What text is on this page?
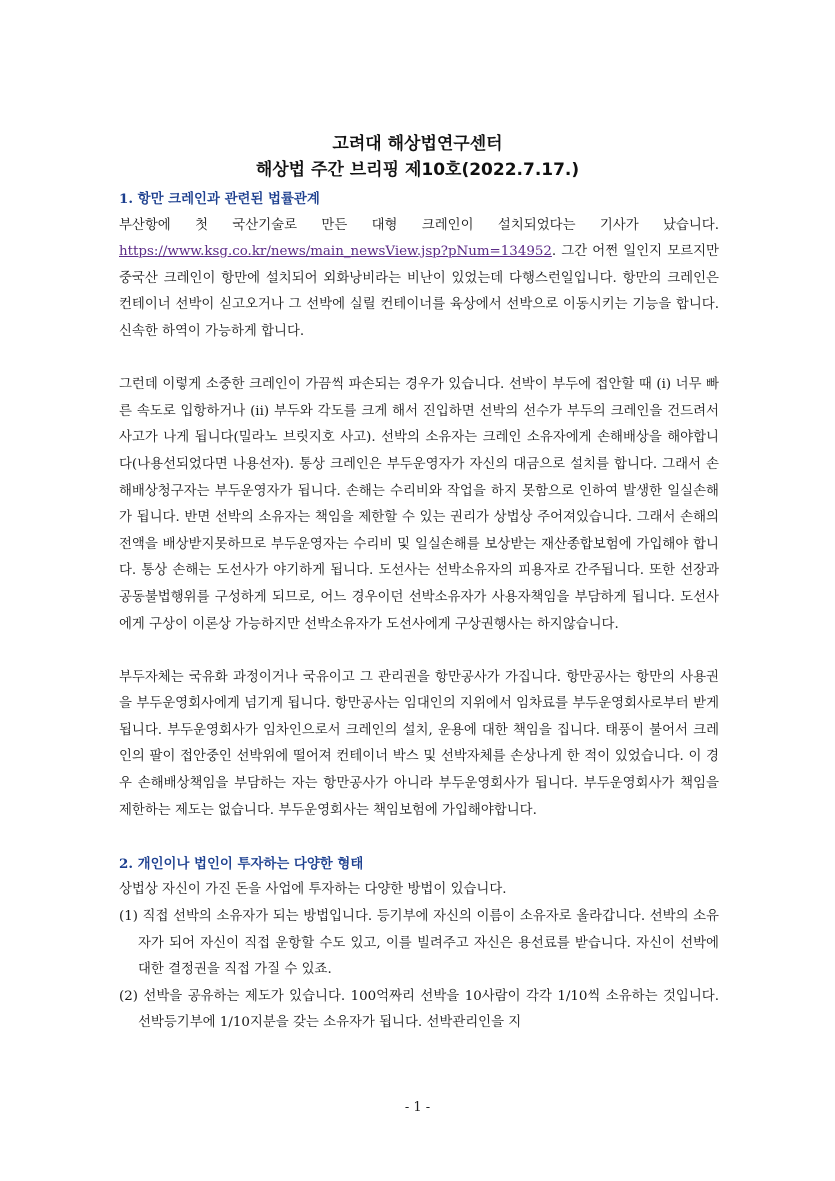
고려대 해상법연구센터
해상법 주간 브리핑 제10호(2022.7.17.)
1. 항만 크레인과 관련된 법률관계

부산항에 첫 국산기술로 만든 대형 크레인이 설치되었다는 기사가 났습니다. https://www.ksg.co.kr/news/main_newsView.jsp?pNum=134952. 그간 어쩐 일인지 모르지만 중국산 크레인이 항만에 설치되어 외화낭비라는 비난이 있었는데 다행스런일입니다. 항만의 크레인은 컨테이너 선박이 싣고오거나 그 선박에 실릴 컨테이너를 육상에서 선박으로 이동시키는 기능을 합니다. 신속한 하역이 가능하게 합니다.

그런데 이렇게 소중한 크레인이 가끔씩 파손되는 경우가 있습니다. 선박이 부두에 접안할 때 (i) 너무 빠른 속도로 입항하거나 (ii) 부두와 각도를 크게 해서 진입하면 선박의 선수가 부두의 크레인을 건드려서 사고가 나게 됩니다(밀라노 브릿지호 사고). 선박의 소유자는 크레인 소유자에게 손해배상을 해야합니다(나용선되었다면 나용선자). 통상 크레인은 부두운영자가 자신의 대금으로 설치를 합니다. 그래서 손해배상청구자는 부두운영자가 됩니다. 손해는 수리비와 작업을 하지 못함으로 인하여 발생한 일실손해가 됩니다. 반면 선박의 소유자는 책임을 제한할 수 있는 권리가 상법상 주어져있습니다. 그래서 손해의 전액을 배상받지못하므로 부두운영자는 수리비 및 일실손해를 보상받는 재산종합보험에 가입해야 합니다. 통상 손해는 도선사가 야기하게 됩니다. 도선사는 선박소유자의 피용자로 간주됩니다. 또한 선장과 공동불법행위를 구성하게 되므로, 어느 경우이던 선박소유자가 사용자책임을 부담하게 됩니다. 도선사에게 구상이 이론상 가능하지만 선박소유자가 도선사에게 구상권행사는 하지않습니다.

부두자체는 국유화 과정이거나 국유이고 그 관리권을 항만공사가 가집니다. 항만공사는 항만의 사용권을 부두운영회사에게 넘기게 됩니다. 항만공사는 임대인의 지위에서 임차료를 부두운영회사로부터 받게 됩니다. 부두운영회사가 임차인으로서 크레인의 설치, 운용에 대한 책임을 집니다. 태풍이 불어서 크레인의 팔이 접안중인 선박위에 떨어져 컨테이너 박스 및 선박자체를 손상나게 한 적이 있었습니다. 이 경우 손해배상책임을 부담하는 자는 항만공사가 아니라 부두운영회사가 됩니다. 부두운영회사가 책임을 제한하는 제도는 없습니다. 부두운영회사는 책임보험에 가입해야합니다.

2. 개인이나 법인이 투자하는 다양한 형태

상법상 자신이 가진 돈을 사업에 투자하는 다양한 방법이 있습니다.

(1) 직접 선박의 소유자가 되는 방법입니다. 등기부에 자신의 이름이 소유자로 올라갑니다. 선박의 소유자가 되어 자신이 직접 운항할 수도 있고, 이를 빌려주고 자신은 용선료를 받습니다. 자신이 선박에 대한 결정권을 직접 가질 수 있죠.

(2) 선박을 공유하는 제도가 있습니다. 100억짜리 선박을 10사람이 각각 1/10씩 소유하는 것입니다. 선박등기부에 1/10지분을 갖는 소유자가 됩니다. 선박관리인을 지

- 1 -
